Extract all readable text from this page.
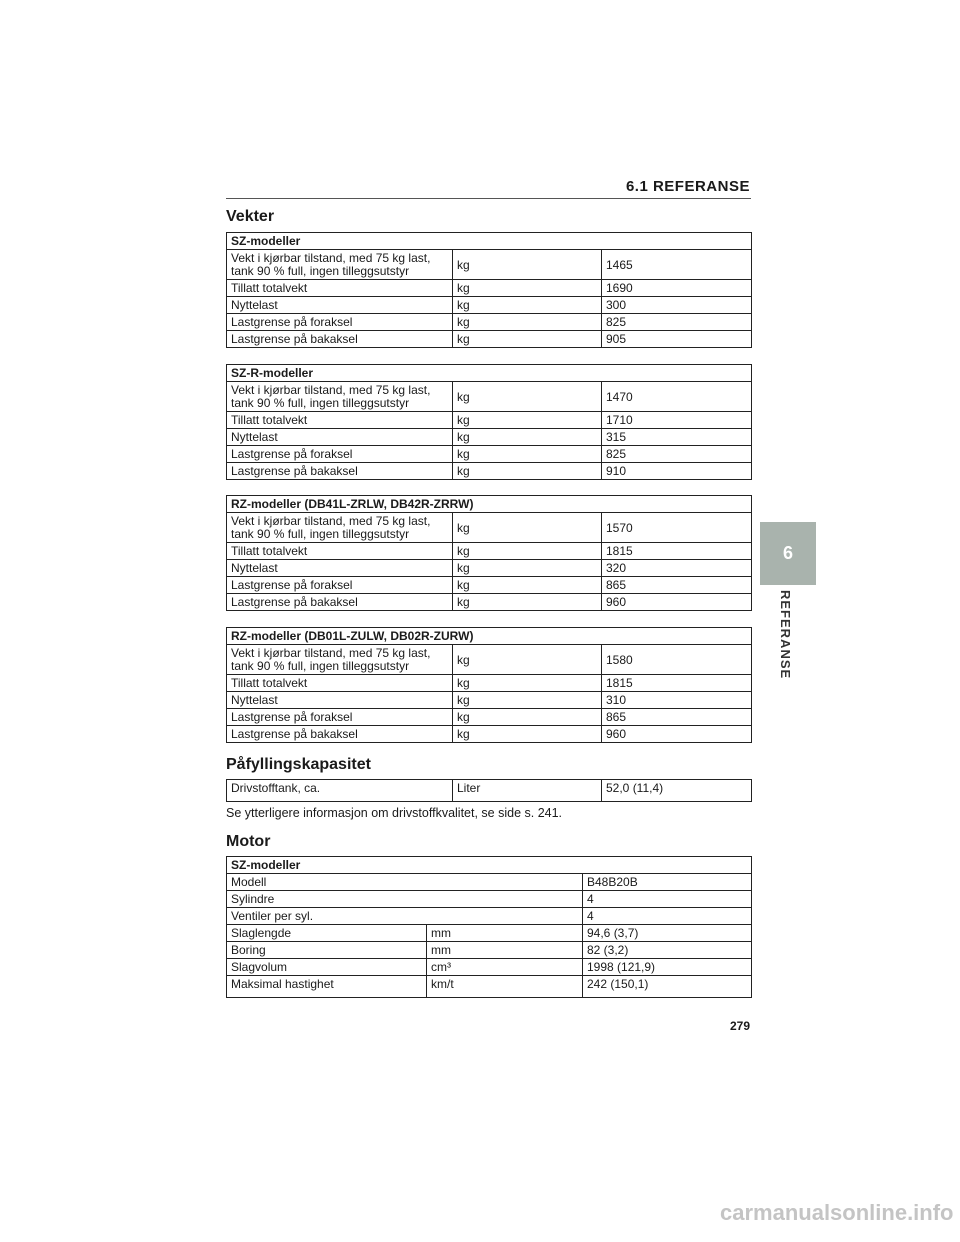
6.1 REFERANSE
Vekter
SZ-modeller		
Vekt i kjørbar tilstand, med 75 kg last,
tank 90 % full, ingen tilleggsutstyr	kg	1465
Tillatt totalvekt	kg	1690
Nyttelast	kg	300
Lastgrense på foraksel	kg	825
Lastgrense på bakaksel	kg	905
SZ-R-modeller		
Vekt i kjørbar tilstand, med 75 kg last,
tank 90 % full, ingen tilleggsutstyr	kg	1470
Tillatt totalvekt	kg	1710
Nyttelast	kg	315
Lastgrense på foraksel	kg	825
Lastgrense på bakaksel	kg	910
RZ-modeller (DB41L-ZRLW, DB42R-ZRRW)		
Vekt i kjørbar tilstand, med 75 kg last,
tank 90 % full, ingen tilleggsutstyr	kg	1570
Tillatt totalvekt	kg	1815
Nyttelast	kg	320
Lastgrense på foraksel	kg	865
Lastgrense på bakaksel	kg	960
RZ-modeller (DB01L-ZULW, DB02R-ZURW)		
Vekt i kjørbar tilstand, med 75 kg last,
tank 90 % full, ingen tilleggsutstyr	kg	1580
Tillatt totalvekt	kg	1815
Nyttelast	kg	310
Lastgrense på foraksel	kg	865
Lastgrense på bakaksel	kg	960
Påfyllingskapasitet
Drivstofftank, ca.	Liter	52,0 (11,4)
Se ytterligere informasjon om drivstoffkvalitet, se side s. 241.
Motor
SZ-modeller		
Modell		B48B20B
Sylindre		4
Ventiler per syl.		4
Slaglengde	mm	94,6 (3,7)
Boring	mm	82 (3,2)
Slagvolum	cm³	1998 (121,9)
Maksimal hastighet	km/t	242 (150,1)
6
REFERANSE
279
carmanualsonline.info
